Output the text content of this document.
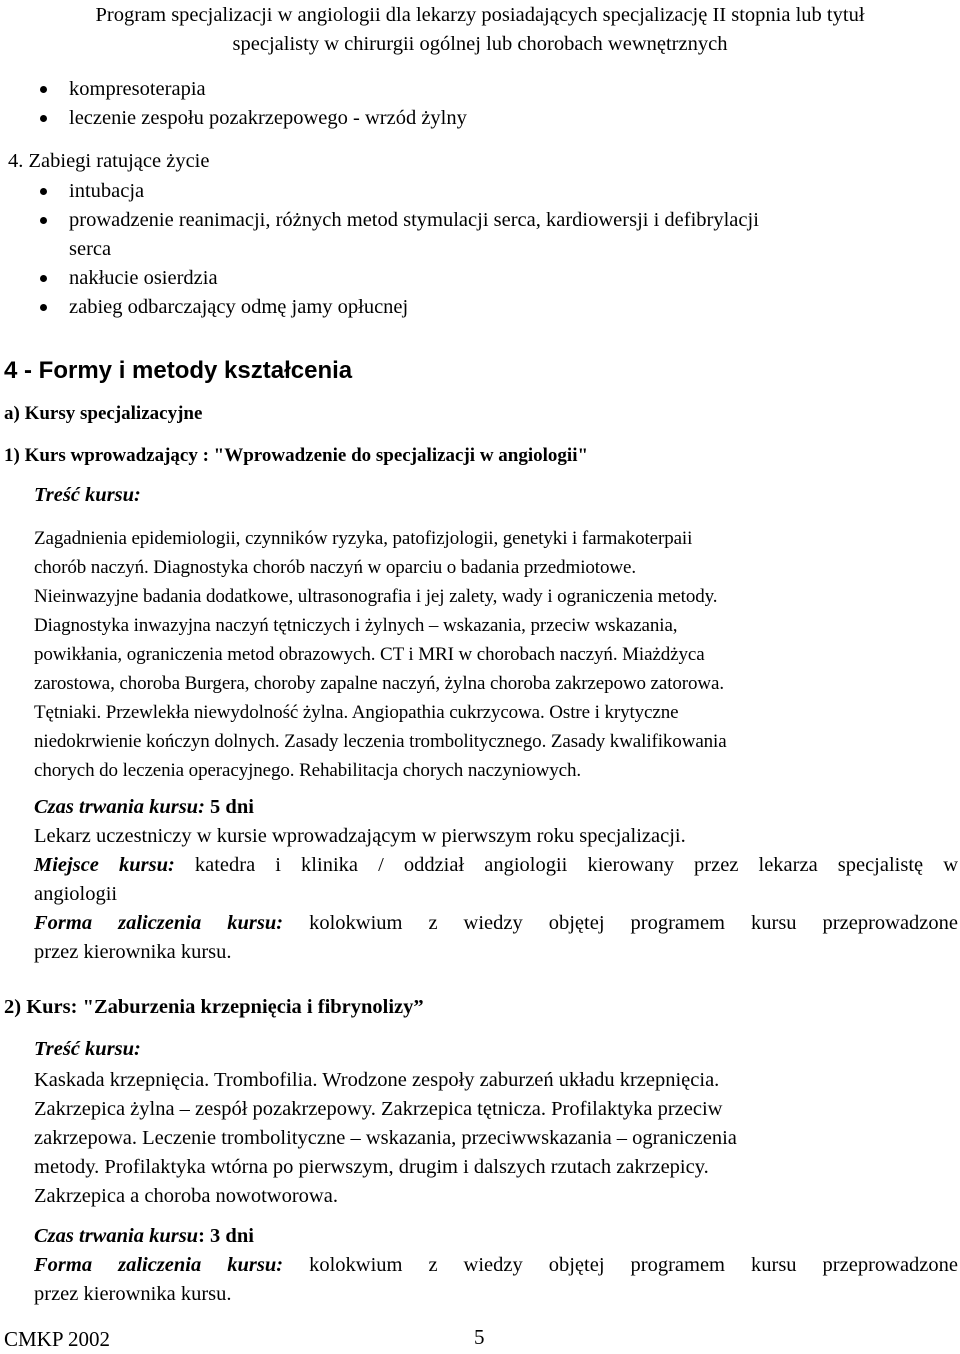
Program specjalizacji w angiologii dla lekarzy posiadających specjalizację II stopnia lub tytuł
specjalisty w chirurgii ogólnej lub chorobach wewnętrznych
kompresoterapia
leczenie zespołu pozakrzepowego - wrzód żylny
4. Zabiegi ratujące życie
intubacja
prowadzenie reanimacji, różnych metod stymulacji serca, kardiowersji i defibrylacji
serca
nakłucie osierdzia
zabieg odbarczający odmę jamy opłucnej
4 - Formy i metody kształcenia
a) Kursy specjalizacyjne
1) Kurs wprowadzający : "Wprowadzenie do specjalizacji w angiologii"
Treść kursu:
Zagadnienia epidemiologii, czynników ryzyka, patofizjologii, genetyki i farmakoterpaii
chorób naczyń. Diagnostyka chorób naczyń w oparciu o badania przedmiotowe.
Nieinwazyjne badania dodatkowe, ultrasonografia i jej zalety, wady i ograniczenia metody.
Diagnostyka inwazyjna naczyń tętniczych i żylnych – wskazania, przeciw wskazania,
powikłania, ograniczenia metod obrazowych. CT i MRI w chorobach naczyń. Miażdżyca
zarostowa, choroba Burgera, choroby zapalne naczyń, żylna choroba zakrzepowo zatorowa.
Tętniaki. Przewlekła niewydolność żylna. Angiopathia cukrzycowa. Ostre i krytyczne
niedokrwienie kończyn dolnych. Zasady leczenia trombolitycznego. Zasady kwalifikowania
chorych do leczenia operacyjnego. Rehabilitacja chorych naczyniowych.
Czas trwania kursu: 5 dni
Lekarz uczestniczy w kursie wprowadzającym w pierwszym roku specjalizacji.
Miejsce kursu: katedra i klinika / oddział angiologii kierowany przez lekarza specjalistę w
angiologii
Forma zaliczenia kursu: kolokwium z wiedzy objętej programem kursu przeprowadzone
przez kierownika kursu.
2) Kurs: "Zaburzenia krzepnięcia i fibrynolizy”
Treść kursu:
Kaskada krzepnięcia. Trombofilia. Wrodzone zespoły zaburzeń układu krzepnięcia.
Zakrzepica żylna – zespół pozakrzepowy. Zakrzepica tętnicza. Profilaktyka przeciw
zakrzepowa. Leczenie trombolityczne – wskazania, przeciwwskazania – ograniczenia
metody. Profilaktyka wtórna po pierwszym, drugim i dalszych rzutach zakrzepicy.
Zakrzepica a choroba nowotworowa.
Czas trwania kursu: 3 dni
Forma zaliczenia kursu: kolokwium z wiedzy objętej programem kursu przeprowadzone
przez kierownika kursu.
CMKP 2002	5
